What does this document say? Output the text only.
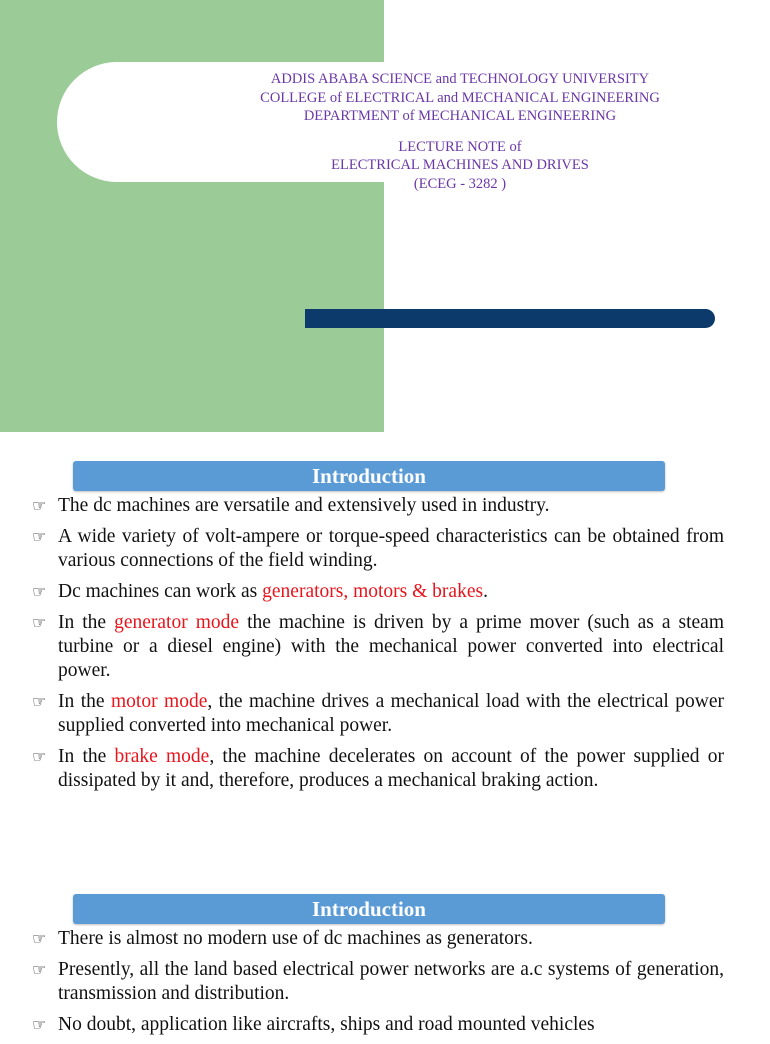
ADDIS ABABA SCIENCE and TECHNOLOGY UNIVERSITY
COLLEGE of ELECTRICAL and MECHANICAL ENGINEERING
DEPARTMENT of MECHANICAL ENGINEERING
LECTURE NOTE of
ELECTRICAL MACHINES AND DRIVES
(ECEG - 3282 )
Introduction
☞ The dc machines are versatile and extensively used in industry.
☞ A wide variety of volt-ampere or torque-speed characteristics can be obtained from various connections of the field winding.
☞ Dc machines can work as generators, motors & brakes.
☞ In the generator mode the machine is driven by a prime mover (such as a steam turbine or a diesel engine) with the mechanical power converted into electrical power.
☞ In the motor mode, the machine drives a mechanical load with the electrical power supplied converted into mechanical power.
☞ In the brake mode, the machine decelerates on account of the power supplied or dissipated by it and, therefore, produces a mechanical braking action.
Introduction
☞ There is almost no modern use of dc machines as generators.
☞ Presently, all the land based electrical power networks are a.c systems of generation, transmission and distribution.
☞ No doubt, application like aircrafts, ships and road mounted vehicles
